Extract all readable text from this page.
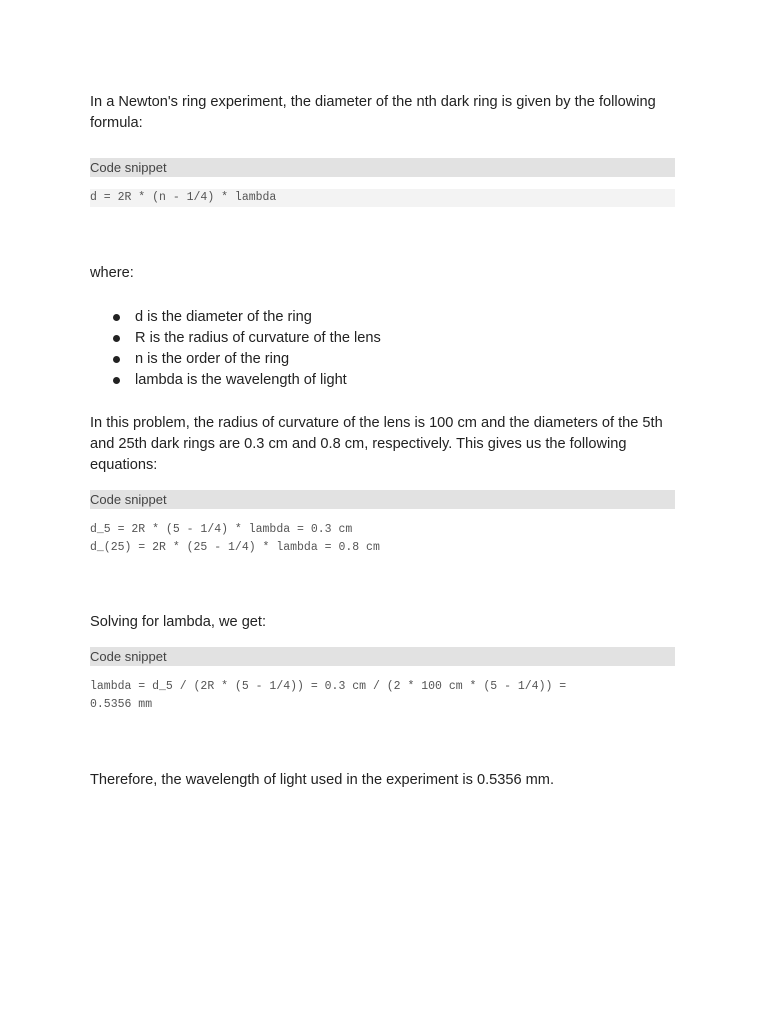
In a Newton's ring experiment, the diameter of the nth dark ring is given by the following formula:

Code snippet
d = 2R * (n - 1/4) * lambda

where:

d is the diameter of the ring
R is the radius of curvature of the lens
n is the order of the ring
lambda is the wavelength of light

In this problem, the radius of curvature of the lens is 100 cm and the diameters of the 5th and 25th dark rings are 0.3 cm and 0.8 cm, respectively. This gives us the following equations:

Code snippet
d_5 = 2R * (5 - 1/4) * lambda = 0.3 cm
d_(25) = 2R * (25 - 1/4) * lambda = 0.8 cm

Solving for lambda, we get:

Code snippet
lambda = d_5 / (2R * (5 - 1/4)) = 0.3 cm / (2 * 100 cm * (5 - 1/4)) =
0.5356 mm

Therefore, the wavelength of light used in the experiment is 0.5356 mm.
